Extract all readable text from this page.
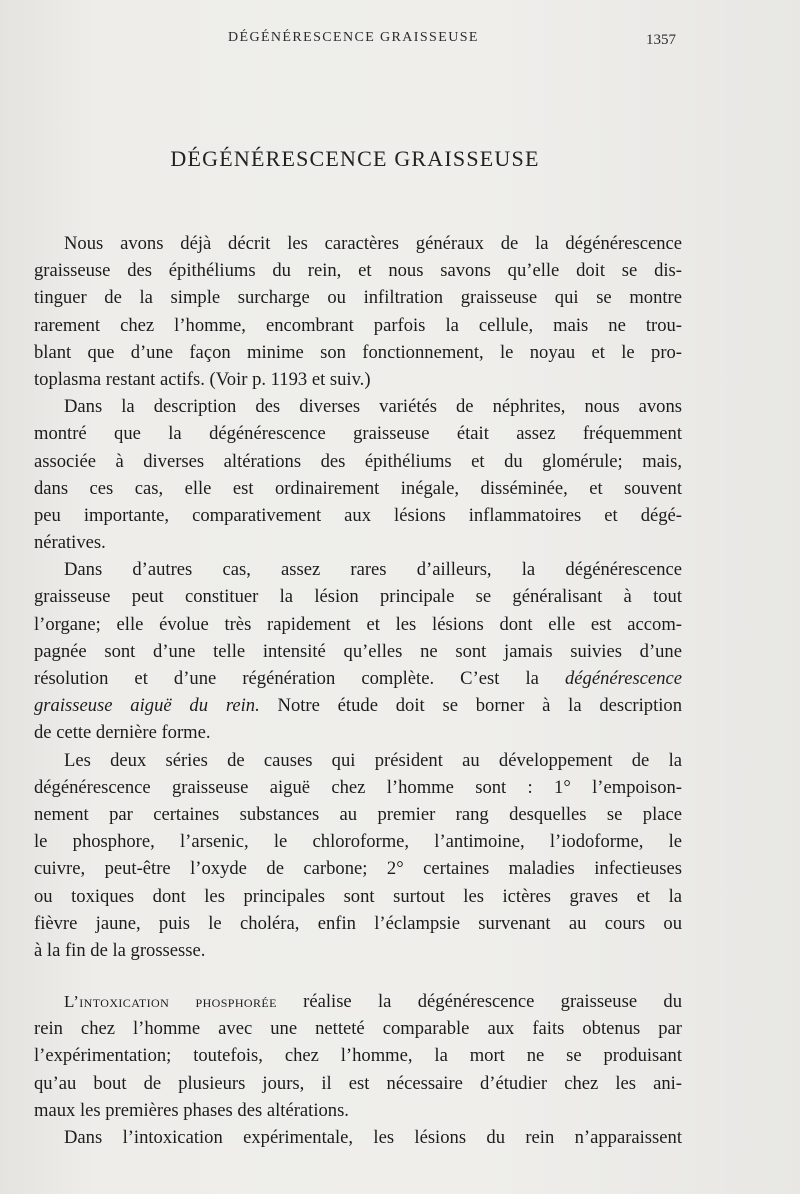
DÉGÉNÉRESCENCE GRAISSEUSE	1357
DÉGÉNÉRESCENCE GRAISSEUSE
Nous avons déjà décrit les caractères généraux de la dégénérescence
graisseuse des épithéliums du rein, et nous savons qu’elle doit se dis-
tinguer de la simple surcharge ou infiltration graisseuse qui se montre
rarement chez l’homme, encombrant parfois la cellule, mais ne trou-
blant que d’une façon minime son fonctionnement, le noyau et le pro-
toplasma restant actifs. (Voir p. 1193 et suiv.)
Dans la description des diverses variétés de néphrites, nous avons
montré que la dégénérescence graisseuse était assez fréquemment
associée à diverses altérations des épithéliums et du glomérule; mais,
dans ces cas, elle est ordinairement inégale, disséminée, et souvent
peu importante, comparativement aux lésions inflammatoires et dégé-
nératives.
Dans d’autres cas, assez rares d’ailleurs, la dégénérescence
graisseuse peut constituer la lésion principale se généralisant à tout
l’organe; elle évolue très rapidement et les lésions dont elle est accom-
pagnée sont d’une telle intensité qu’elles ne sont jamais suivies d’une
résolution et d’une régénération complète. C’est la dégénérescence
graisseuse aiguë du rein. Notre étude doit se borner à la description
de cette dernière forme.
Les deux séries de causes qui président au développement de la
dégénérescence graisseuse aiguë chez l’homme sont : 1° l’empoison-
nement par certaines substances au premier rang desquelles se place
le phosphore, l’arsenic, le chloroforme, l’antimoine, l’iodoforme, le
cuivre, peut-être l’oxyde de carbone; 2° certaines maladies infectieuses
ou toxiques dont les principales sont surtout les ictères graves et la
fièvre jaune, puis le choléra, enfin l’éclampsie survenant au cours ou
à la fin de la grossesse.
L’intoxication phosphorée réalise la dégénérescence graisseuse du
rein chez l’homme avec une netteté comparable aux faits obtenus par
l’expérimentation; toutefois, chez l’homme, la mort ne se produisant
qu’au bout de plusieurs jours, il est nécessaire d’étudier chez les ani-
maux les premières phases des altérations.
Dans l’intoxication expérimentale, les lésions du rein n’apparaissent
